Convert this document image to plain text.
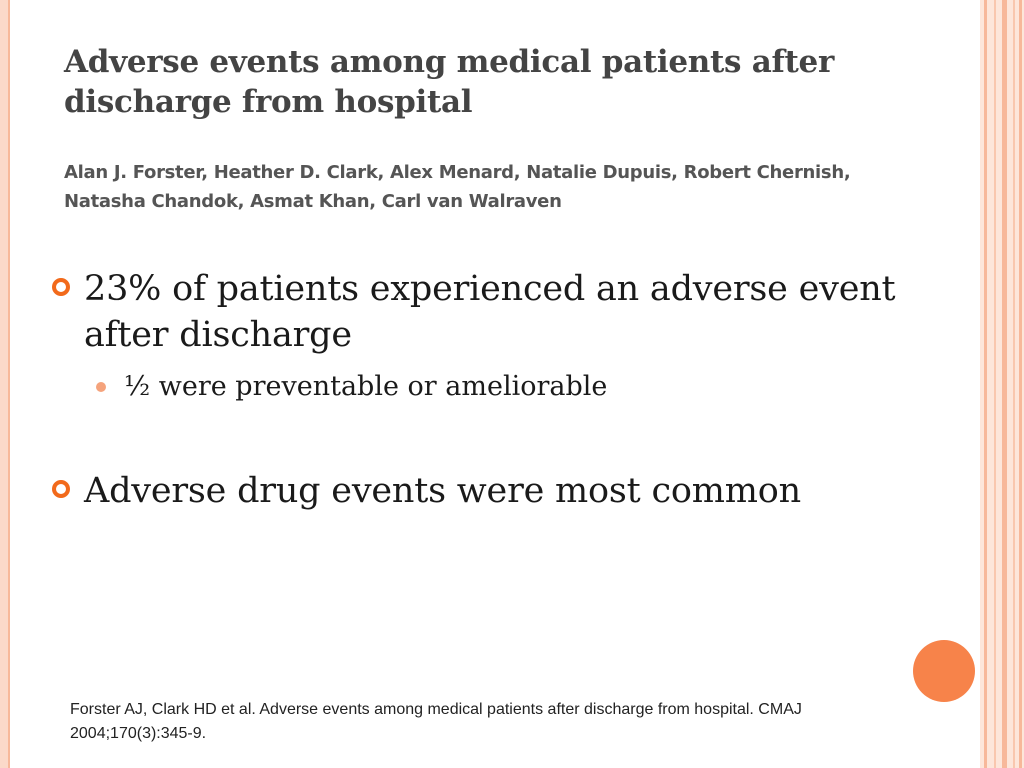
Adverse events among medical patients after discharge from hospital
Alan J. Forster, Heather D. Clark, Alex Menard, Natalie Dupuis, Robert Chernish, Natasha Chandok, Asmat Khan, Carl van Walraven
23% of patients experienced an adverse event after discharge
½ were preventable or ameliorable
Adverse drug events were most common
Forster AJ, Clark HD et al. Adverse events among medical patients after discharge from hospital. CMAJ 2004;170(3):345-9.
